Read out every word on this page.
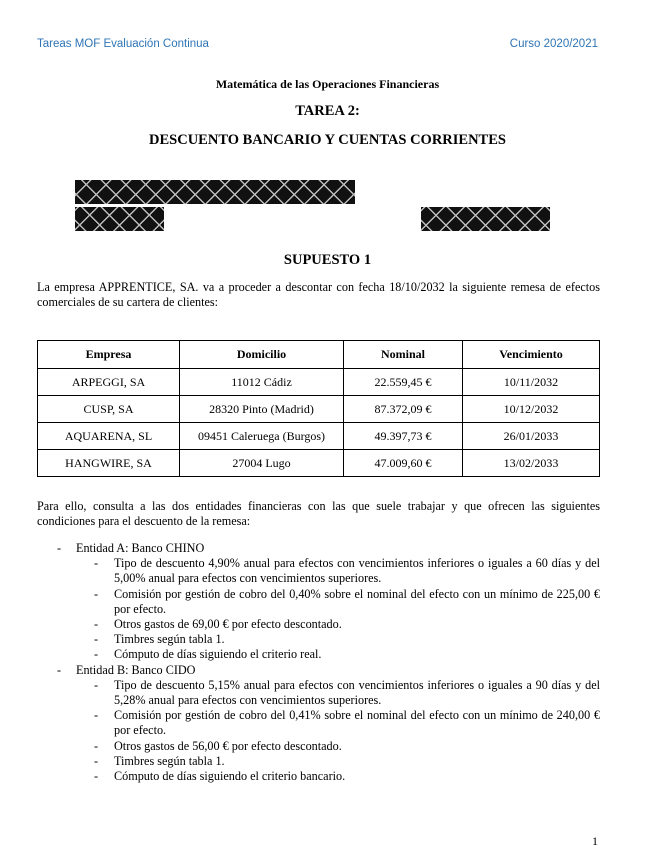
Tareas MOF Evaluación Continua	Curso 2020/2021
Matemática de las Operaciones Financieras
TAREA 2:
DESCUENTO BANCARIO Y CUENTAS CORRIENTES
SUPUESTO 1
La empresa APPRENTICE, SA. va a proceder a descontar con fecha 18/10/2032 la siguiente remesa de efectos comerciales de su cartera de clientes:
Empresa	Domicilio	Nominal	Vencimiento
ARPEGGI, SA	11012 Cádiz	22.559,45 €	10/11/2032
CUSP, SA	28320 Pinto (Madrid)	87.372,09 €	10/12/2032
AQUARENA, SL	09451 Caleruega (Burgos)	49.397,73 €	26/01/2033
HANGWIRE, SA	27004 Lugo	47.009,60 €	13/02/2033
Para ello, consulta a las dos entidades financieras con las que suele trabajar y que ofrecen las siguientes condiciones para el descuento de la remesa:
- Entidad A: Banco CHINO
- Tipo de descuento 4,90% anual para efectos con vencimientos inferiores o iguales a 60 días y del 5,00% anual para efectos con vencimientos superiores.
- Comisión por gestión de cobro del 0,40% sobre el nominal del efecto con un mínimo de 225,00 € por efecto.
- Otros gastos de 69,00 € por efecto descontado.
- Timbres según tabla 1.
- Cómputo de días siguiendo el criterio real.
- Entidad B: Banco CIDO
- Tipo de descuento 5,15% anual para efectos con vencimientos inferiores o iguales a 90 días y del 5,28% anual para efectos con vencimientos superiores.
- Comisión por gestión de cobro del 0,41% sobre el nominal del efecto con un mínimo de 240,00 € por efecto.
- Otros gastos de 56,00 € por efecto descontado.
- Timbres según tabla 1.
- Cómputo de días siguiendo el criterio bancario.
1
